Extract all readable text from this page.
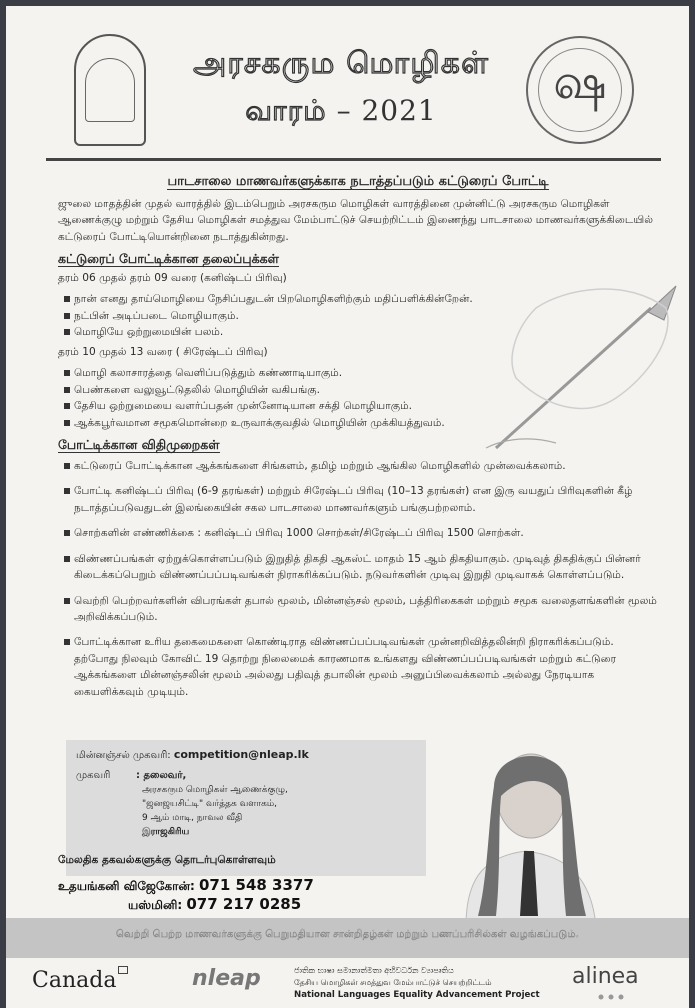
அரசகரும மொழிகள்
வாரம் – 2021
ஷ
பாடசாலை மாணவர்களுக்காக நடாத்தப்படும் கட்டுரைப் போட்டி

ஜுலை மாதத்தின் முதல் வாரத்தில் இடம்பெறும் அரசகரும மொழிகள் வாரத்தினை முன்னிட்டு அரசகரும மொழிகள் ஆணைக்குழு மற்றும் தேசிய மொழிகள் சமத்துவ மேம்பாட்டுச் செயற்றிட்டம் இணைந்து பாடசாலை மாணவர்களுக்கிடையில் கட்டுரைப் போட்டியொன்றினை நடாத்துகின்றது.

கட்டுரைப் போட்டிக்கான தலைப்புக்கள்
தரம் 06 முதல் தரம் 09 வரை (கனிஷ்டப் பிரிவு)
நான் எனது தாய்மொழியை நேசிப்பதுடன் பிறமொழிகளிற்கும் மதிப்பளிக்கின்றேன்.
நட்பின் அடிப்படை மொழியாகும்.
மொழியே ஒற்றுமையின் பலம்.
தரம் 10 முதல் 13 வரை ( சிரேஷ்டப் பிரிவு)
மொழி கலாசாரத்தை வெளிப்படுத்தும் கண்ணாடியாகும்.
பெண்களை வலுவூட்டுதலில் மொழியின் வகிபங்கு.
தேசிய ஒற்றுமையை வளர்ப்பதன் முன்னோடியான சக்தி மொழியாகும்.
ஆக்கபூர்வமான சமூகமொன்றை உருவாக்குவதில் மொழியின் முக்கியத்துவம்.
போட்டிக்கான விதிமுறைகள்
கட்டுரைப் போட்டிக்கான ஆக்கங்களை சிங்களம், தமிழ் மற்றும் ஆங்கில மொழிகளில் முன்வைக்கலாம்.
போட்டி கனிஷ்டப் பிரிவு (6-9 தரங்கள்) மற்றும் சிரேஷ்டப் பிரிவு (10–13 தரங்கள்) என இரு வயதுப் பிரிவுகளின் கீழ் நடாத்தப்படுவதுடன் இலங்கையின் சகல பாடசாலை மாணவர்களும் பங்குபற்றலாம்.
சொற்களின் எண்ணிக்கை : கனிஷ்டப் பிரிவு 1000 சொற்கள்/சிரேஷ்டப் பிரிவு 1500 சொற்கள்.
விண்ணப்பங்கள் ஏற்றுக்கொள்ளப்படும் இறுதித் திகதி ஆகஸ்ட் மாதம் 15 ஆம் திகதியாகும். முடிவுத் திகதிக்குப் பின்னர் கிடைக்கப்பெறும் விண்ணப்பப்படிவங்கள் நிராகரிக்கப்படும். நடுவர்களின் முடிவு இறுதி முடிவாகக் கொள்ளப்படும்.
வெற்றி பெற்றவர்களின் விபரங்கள் தபால் மூலம், மின்னஞ்சல் மூலம், பத்திரிகைகள் மற்றும் சமூக வலைதளங்களின் மூலம் அறிவிக்கப்படும்.
போட்டிக்கான உரிய தகைமைகளை கொண்டிராத விண்ணப்பப்படிவங்கள் முன்னறிவித்தலின்றி நிராகரிக்கப்படும். தற்போது நிலவும் கோவிட் 19 தொற்று நிலைமைக் காரணமாக உங்களது விண்ணப்பப்படிவங்கள் மற்றும் கட்டுரை ஆக்கங்களை மின்னஞ்சலின் மூலம் அல்லது பதிவுத் தபாலின் மூலம் அனுப்பிவைக்கலாம் அல்லது நேரடியாக கையளிக்கவும் முடியும்.
மின்னஞ்சல் முகவரி: competition@nleap.lk
முகவரி	: தலைவர்,
அரசகரும மொழிகள் ஆணைக்குழு,
"ஜனஜயசிட்டி" வர்த்தக வளாகம்,
9 ஆம் மாடி, நாவல வீதி
இராஜகிரிய
மேலதிக தகவல்களுக்கு தொடர்புகொள்ளவும்
உதயங்கனி விஜேகோன்: 071 548 3377
யஸ்மினி: 077 217 0285
வெற்றி பெற்ற மாணவர்களுக்கு பெறுமதியான சான்றிதழ்கள் மற்றும் பணப்பரிசில்கள் வழங்கப்படும்.
Canada	nleap	ජාතික භාෂා සමානාත්මතා අභිවර්ධන ව්‍යාපෘතිය
தேசிய மொழிகள் சமத்துவ மேம்பாட்டுச் செயற்றிட்டம்
National Languages Equality Advancement Project
alinea
